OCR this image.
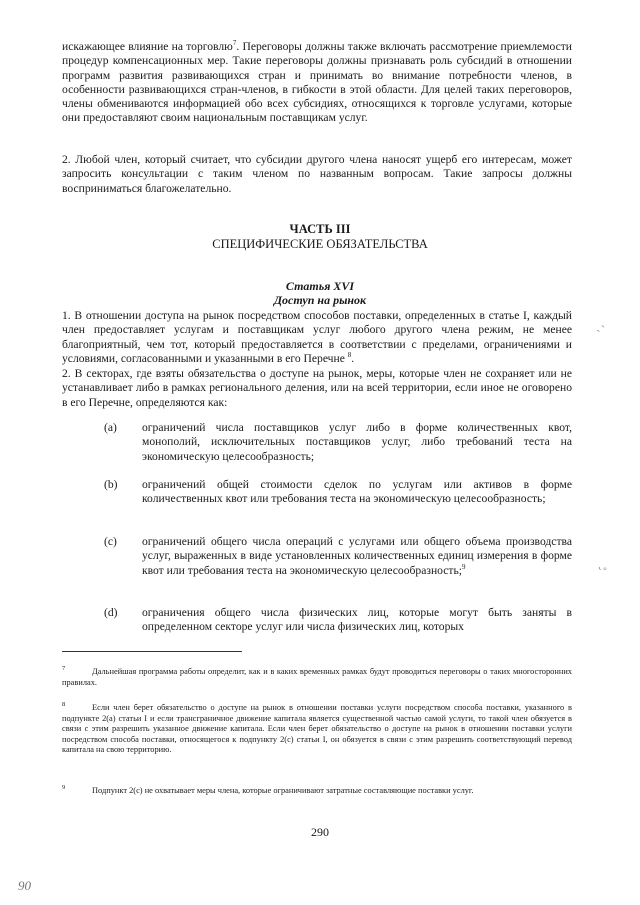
искажающее влияние на торговлю$^7$. Переговоры должны также включать рассмотрение приемлемости процедур компенсационных мер. Такие переговоры должны признавать роль субсидий в отношении программ развития развивающихся стран и принимать во внимание потребности членов, в особенности развивающихся стран-членов, в гибкости в этой области. Для целей таких переговоров, члены обмениваются информацией обо всех субсидиях, относящихся к торговле услугами, которые они предоставляют своим национальным поставщикам услуг.

2. Любой член, который считает, что субсидии другого члена наносят ущерб его интересам, может запросить консультации с таким членом по названным вопросам. Такие запросы должны восприниматься благожелательно.

ЧАСТЬ III
СПЕЦИФИЧЕСКИЕ ОБЯЗАТЕЛЬСТВА
Статья XVI
Доступ на рынок

1. В отношении доступа на рынок посредством способов поставки, определенных в статье I, каждый член предоставляет услугам и поставщикам услуг любого другого члена режим, не менее благоприятный, чем тот, который предоставляется в соответствии с пределами, ограничениями и условиями, согласованными и указанными в его Перечне $^8$.

2. В секторах, где взяты обязательства о доступе на рынок, меры, которые член не сохраняет или не устанавливает либо в рамках регионального деления, или на всей территории, если иное не оговорено в его Перечне, определяются как:

(a) ограничений числа поставщиков услуг либо в форме количественных квот, монополий, исключительных поставщиков услуг, либо требований теста на экономическую целесообразность;
(b) ограничений общей стоимости сделок по услугам или активов в форме количественных квот или требования теста на экономическую целесообразность;
(c) ограничений общего числа операций с услугами или общего объема производства услуг, выраженных в виде установленных количественных единиц измерения в форме квот или требования теста на экономическую целесообразность;$^9$
(d) ограничения общего числа физических лиц, которые могут быть заняты в определенном секторе услуг или числа физических лиц, которых
7	Дальнейшая программа работы определит, как и в каких временных рамках будут проводиться переговоры о таких многосторонних правилах.
8	Если член берет обязательство о доступе на рынок в отношении поставки услуги посредством способа поставки, указанного в подпункте 2(а) статьи I и если трансграничное движение капитала является существенной частью самой услуги, то такой член обязуется в связи с этим разрешить указанное движение капитала. Если член берет обязательство о доступе на рынок в отношении поставки услуги посредством способа поставки, относящегося к подпункту 2(с) статьи I, он обязуется в связи с этим разрешить соответствующий перевод капитала на свою территорию.
9	Подпункт 2(с) не охватывает меры члена, которые ограничивают затратные составляющие поставки услуг.
290
90
ˎ˴
˛˳
